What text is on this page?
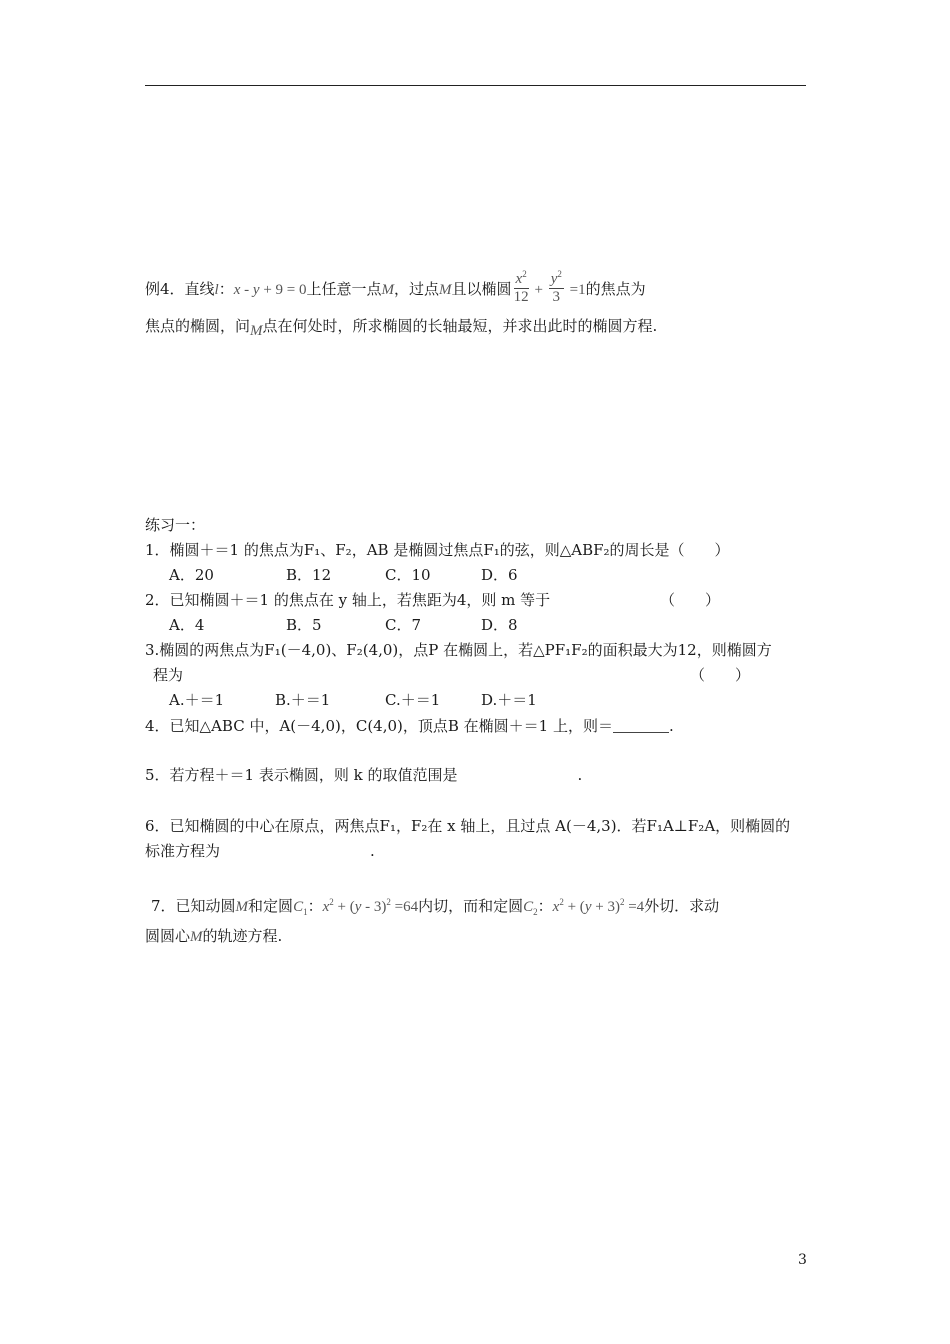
例4．直线l：x - y + 9 = 0上任意一点M，过点M且以椭圆 $\frac{x^2}{12} + \frac{y^2}{3} =1$的焦点为
焦点的椭圆，问M点在何处时，所求椭圆的长轴最短，并求出此时的椭圆方程.
练习一：
1．椭圆＋＝1 的焦点为F₁、F₂，AB 是椭圆过焦点F₁的弦，则△ABF₂的周长是（　　）
A．20	B．12	C．10	D．6
2．已知椭圆＋＝1 的焦点在 y 轴上，若焦距为4，则 m 等于	（　　）
A．4	B．5	C．7	D．8
3.椭圆的两焦点为F₁(－4,0)、F₂(4,0)，点P 在椭圆上，若△PF₁F₂的面积最大为12，则椭圆方
程为	（　　）
A.＋＝1	B.＋＝1	C.＋＝1	D.＋＝1
4．已知△ABC 中，A(－4,0)，C(4,0)，顶点B 在椭圆＋＝1 上，则＝	.
5．若方程＋＝1 表示椭圆，则 k 的取值范围是	.
6．已知椭圆的中心在原点，两焦点F₁，F₂在 x 轴上，且过点 A(－4,3)．若F₁A⊥F₂A，则椭圆的
标准方程为	.
7．已知动圆M和定圆$C_1$：$x^2 + (y - 3)^2 =64$内切，而和定圆$C_2$：$x^2 + (y + 3)^2 =4$外切．求动
圆圆心M的轨迹方程.
3
